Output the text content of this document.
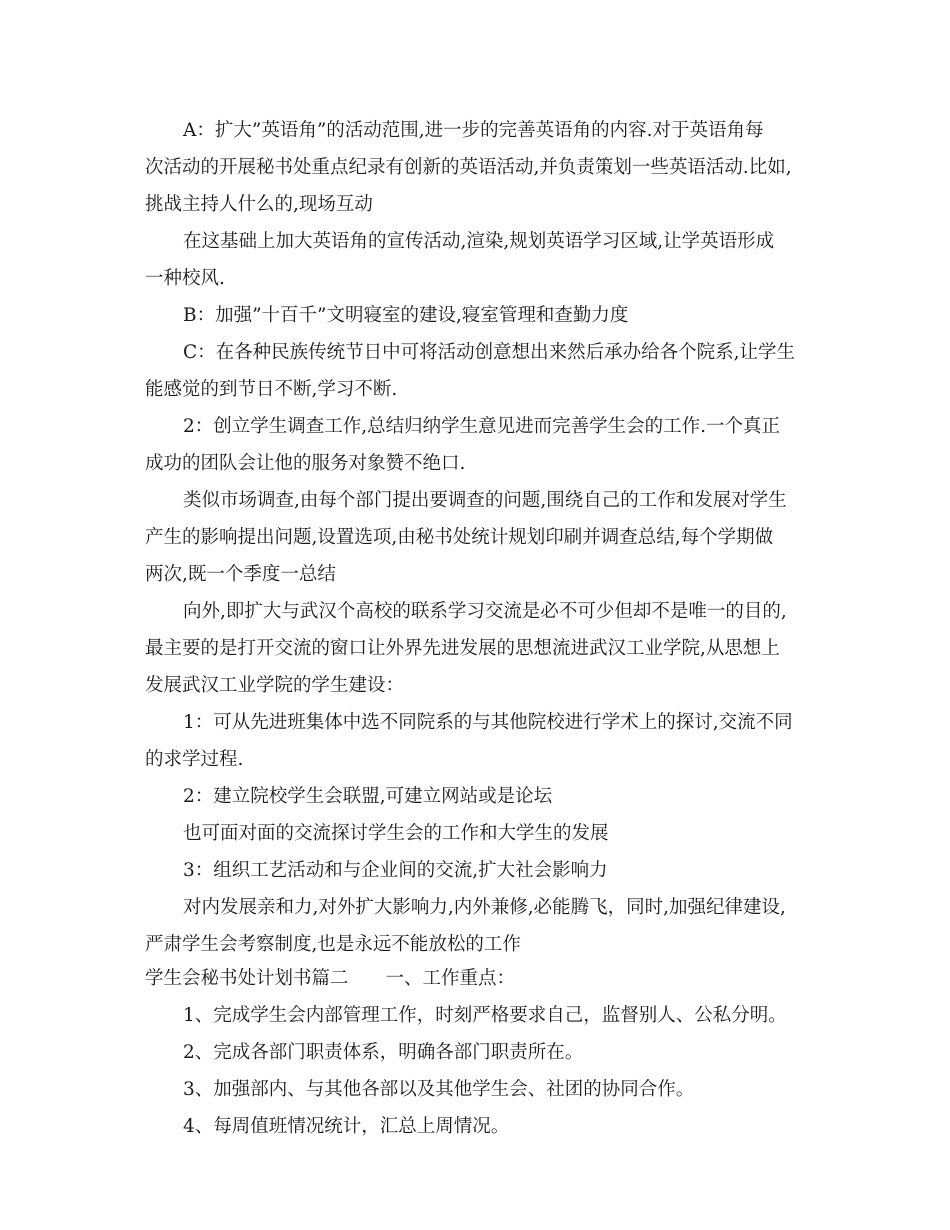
A：扩大”英语角”的活动范围,进一步的完善英语角的内容.对于英语角每
次活动的开展秘书处重点纪录有创新的英语活动,并负责策划一些英语活动.比如,
挑战主持人什么的,现场互动
在这基础上加大英语角的宣传活动,渲染,规划英语学习区域,让学英语形成
一种校风.
B：加强”十百千”文明寝室的建设,寝室管理和查勤力度
C：在各种民族传统节日中可将活动创意想出来然后承办给各个院系,让学生
能感觉的到节日不断,学习不断.
2：创立学生调查工作,总结归纳学生意见进而完善学生会的工作.一个真正
成功的团队会让他的服务对象赞不绝口.
类似市场调查,由每个部门提出要调查的问题,围绕自己的工作和发展对学生
产生的影响提出问题,设置选项,由秘书处统计规划印刷并调查总结,每个学期做
两次,既一个季度一总结
向外,即扩大与武汉个高校的联系学习交流是必不可少但却不是唯一的目的,
最主要的是打开交流的窗口让外界先进发展的思想流进武汉工业学院,从思想上
发展武汉工业学院的学生建设：
1：可从先进班集体中选不同院系的与其他院校进行学术上的探讨,交流不同
的求学过程.
2：建立院校学生会联盟,可建立网站或是论坛
也可面对面的交流探讨学生会的工作和大学生的发展
3：组织工艺活动和与企业间的交流,扩大社会影响力
对内发展亲和力,对外扩大影响力,内外兼修,必能腾飞，同时,加强纪律建设,
严肃学生会考察制度,也是永远不能放松的工作
学生会秘书处计划书篇二　　一、工作重点：
1、完成学生会内部管理工作，时刻严格要求自己，监督别人、公私分明。
2、完成各部门职责体系，明确各部门职责所在。
3、加强部内、与其他各部以及其他学生会、社团的协同合作。
4、每周值班情况统计，汇总上周情况。
